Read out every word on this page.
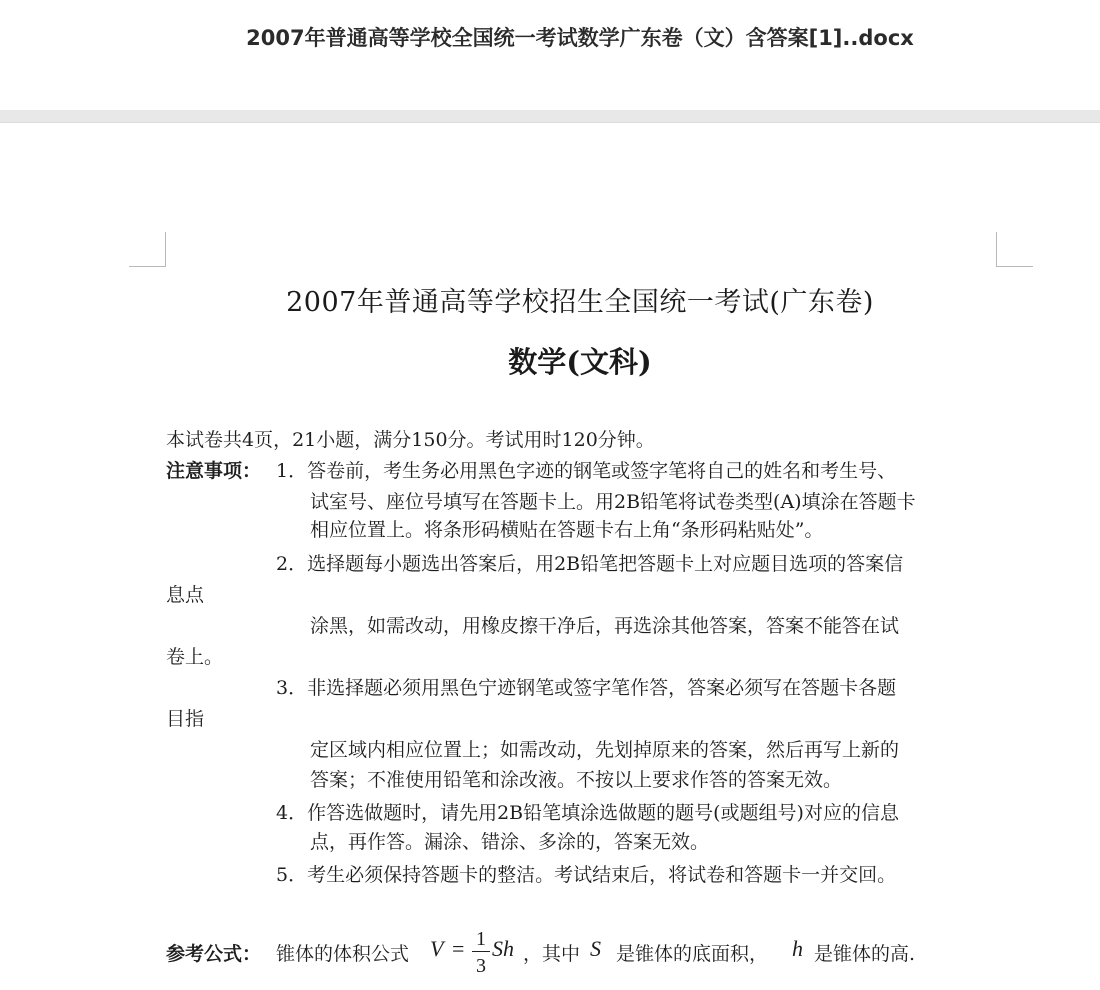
2007年普通高等学校全国统一考试数学广东卷（文）含答案[1]..docx
2007年普通高等学校招生全国统一考试(广东卷)
数学(文科)
本试卷共4页，21小题，满分150分。考试用时120分钟。
注意事项： 1．答卷前，考生务必用黑色字迹的钢笔或签字笔将自己的姓名和考生号、
试室号、座位号填写在答题卡上。用2B铅笔将试卷类型(A)填涂在答题卡
相应位置上。将条形码横贴在答题卡右上角“条形码粘贴处”。
2．选择题每小题选出答案后，用2B铅笔把答题卡上对应题目选项的答案信
息点
涂黑，如需改动，用橡皮擦干净后，再选涂其他答案，答案不能答在试
卷上。
3．非选择题必须用黑色宁迹钢笔或签字笔作答，答案必须写在答题卡各题
目指
定区域内相应位置上；如需改动，先划掉原来的答案，然后再写上新的
答案；不准使用铅笔和涂改液。不按以上要求作答的答案无效。
4．作答选做题时，请先用2B铅笔填涂选做题的题号(或题组号)对应的信息
点，再作答。漏涂、错涂、多涂的，答案无效。
5．考生必须保持答题卡的整洁。考试结束后，将试卷和答题卡一并交回。
参考公式： 锥体的体积公式 V = 1
3
Sh ，其中 S 是锥体的底面积， h 是锥体的高.
